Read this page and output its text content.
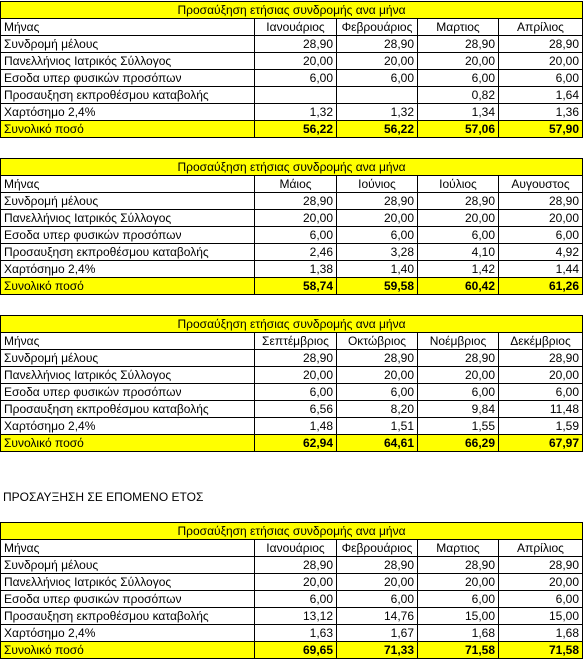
Προσαύξηση ετήσιας συνδρομής ανα μήνα				
Μήνας	Ιανουάριος	Φεβρουάριος	Μαρτιος	Απρίλιος
Συνδρομή μέλους	28,90	28,90	28,90	28,90
Πανελλήνιος Ιατρικός Σύλλογος	20,00	20,00	20,00	20,00
Εσοδα υπερ φυσικών προσόπων	6,00	6,00	6,00	6,00
Προσαυξηση εκπροθέσμου καταβολής			0,82	1,64
Χαρτόσημο 2,4%	1,32	1,32	1,34	1,36
Συνολικό ποσό	56,22	56,22	57,06	57,90
Προσαύξηση ετήσιας συνδρομής ανα μήνα				
Μήνας	Μάιος	Ιούνιος	Ιούλιος	Αυγουστος
Συνδρομή μέλους	28,90	28,90	28,90	28,90
Πανελλήνιος Ιατρικός Σύλλογος	20,00	20,00	20,00	20,00
Εσοδα υπερ φυσικών προσόπων	6,00	6,00	6,00	6,00
Προσαυξηση εκπροθέσμου καταβολής	2,46	3,28	4,10	4,92
Χαρτόσημο 2,4%	1,38	1,40	1,42	1,44
Συνολικό ποσό	58,74	59,58	60,42	61,26
Προσαύξηση ετήσιας συνδρομής ανα μήνα				
Μήνας	Σεπτέμβριος	Οκτώβριος	Νοέμβριος	Δεκέμβριος
Συνδρομή μέλους	28,90	28,90	28,90	28,90
Πανελλήνιος Ιατρικός Σύλλογος	20,00	20,00	20,00	20,00
Εσοδα υπερ φυσικών προσόπων	6,00	6,00	6,00	6,00
Προσαυξηση εκπροθέσμου καταβολής	6,56	8,20	9,84	11,48
Χαρτόσημο 2,4%	1,48	1,51	1,55	1,59
Συνολικό ποσό	62,94	64,61	66,29	67,97
ΠΡΟΣΑΥΞΗΣΗ ΣΕ ΕΠΟΜΕΝΟ ΕΤΟΣ
Προσαύξηση ετήσιας συνδρομής ανα μήνα				
Μήνας	Ιανουάριος	Φεβρουάριος	Μαρτιος	Απρίλιος
Συνδρομή μέλους	28,90	28,90	28,90	28,90
Πανελλήνιος Ιατρικός Σύλλογος	20,00	20,00	20,00	20,00
Εσοδα υπερ φυσικών προσόπων	6,00	6,00	6,00	6,00
Προσαυξηση εκπροθέσμου καταβολής	13,12	14,76	15,00	15,00
Χαρτόσημο 2,4%	1,63	1,67	1,68	1,68
Συνολικό ποσό	69,65	71,33	71,58	71,58
